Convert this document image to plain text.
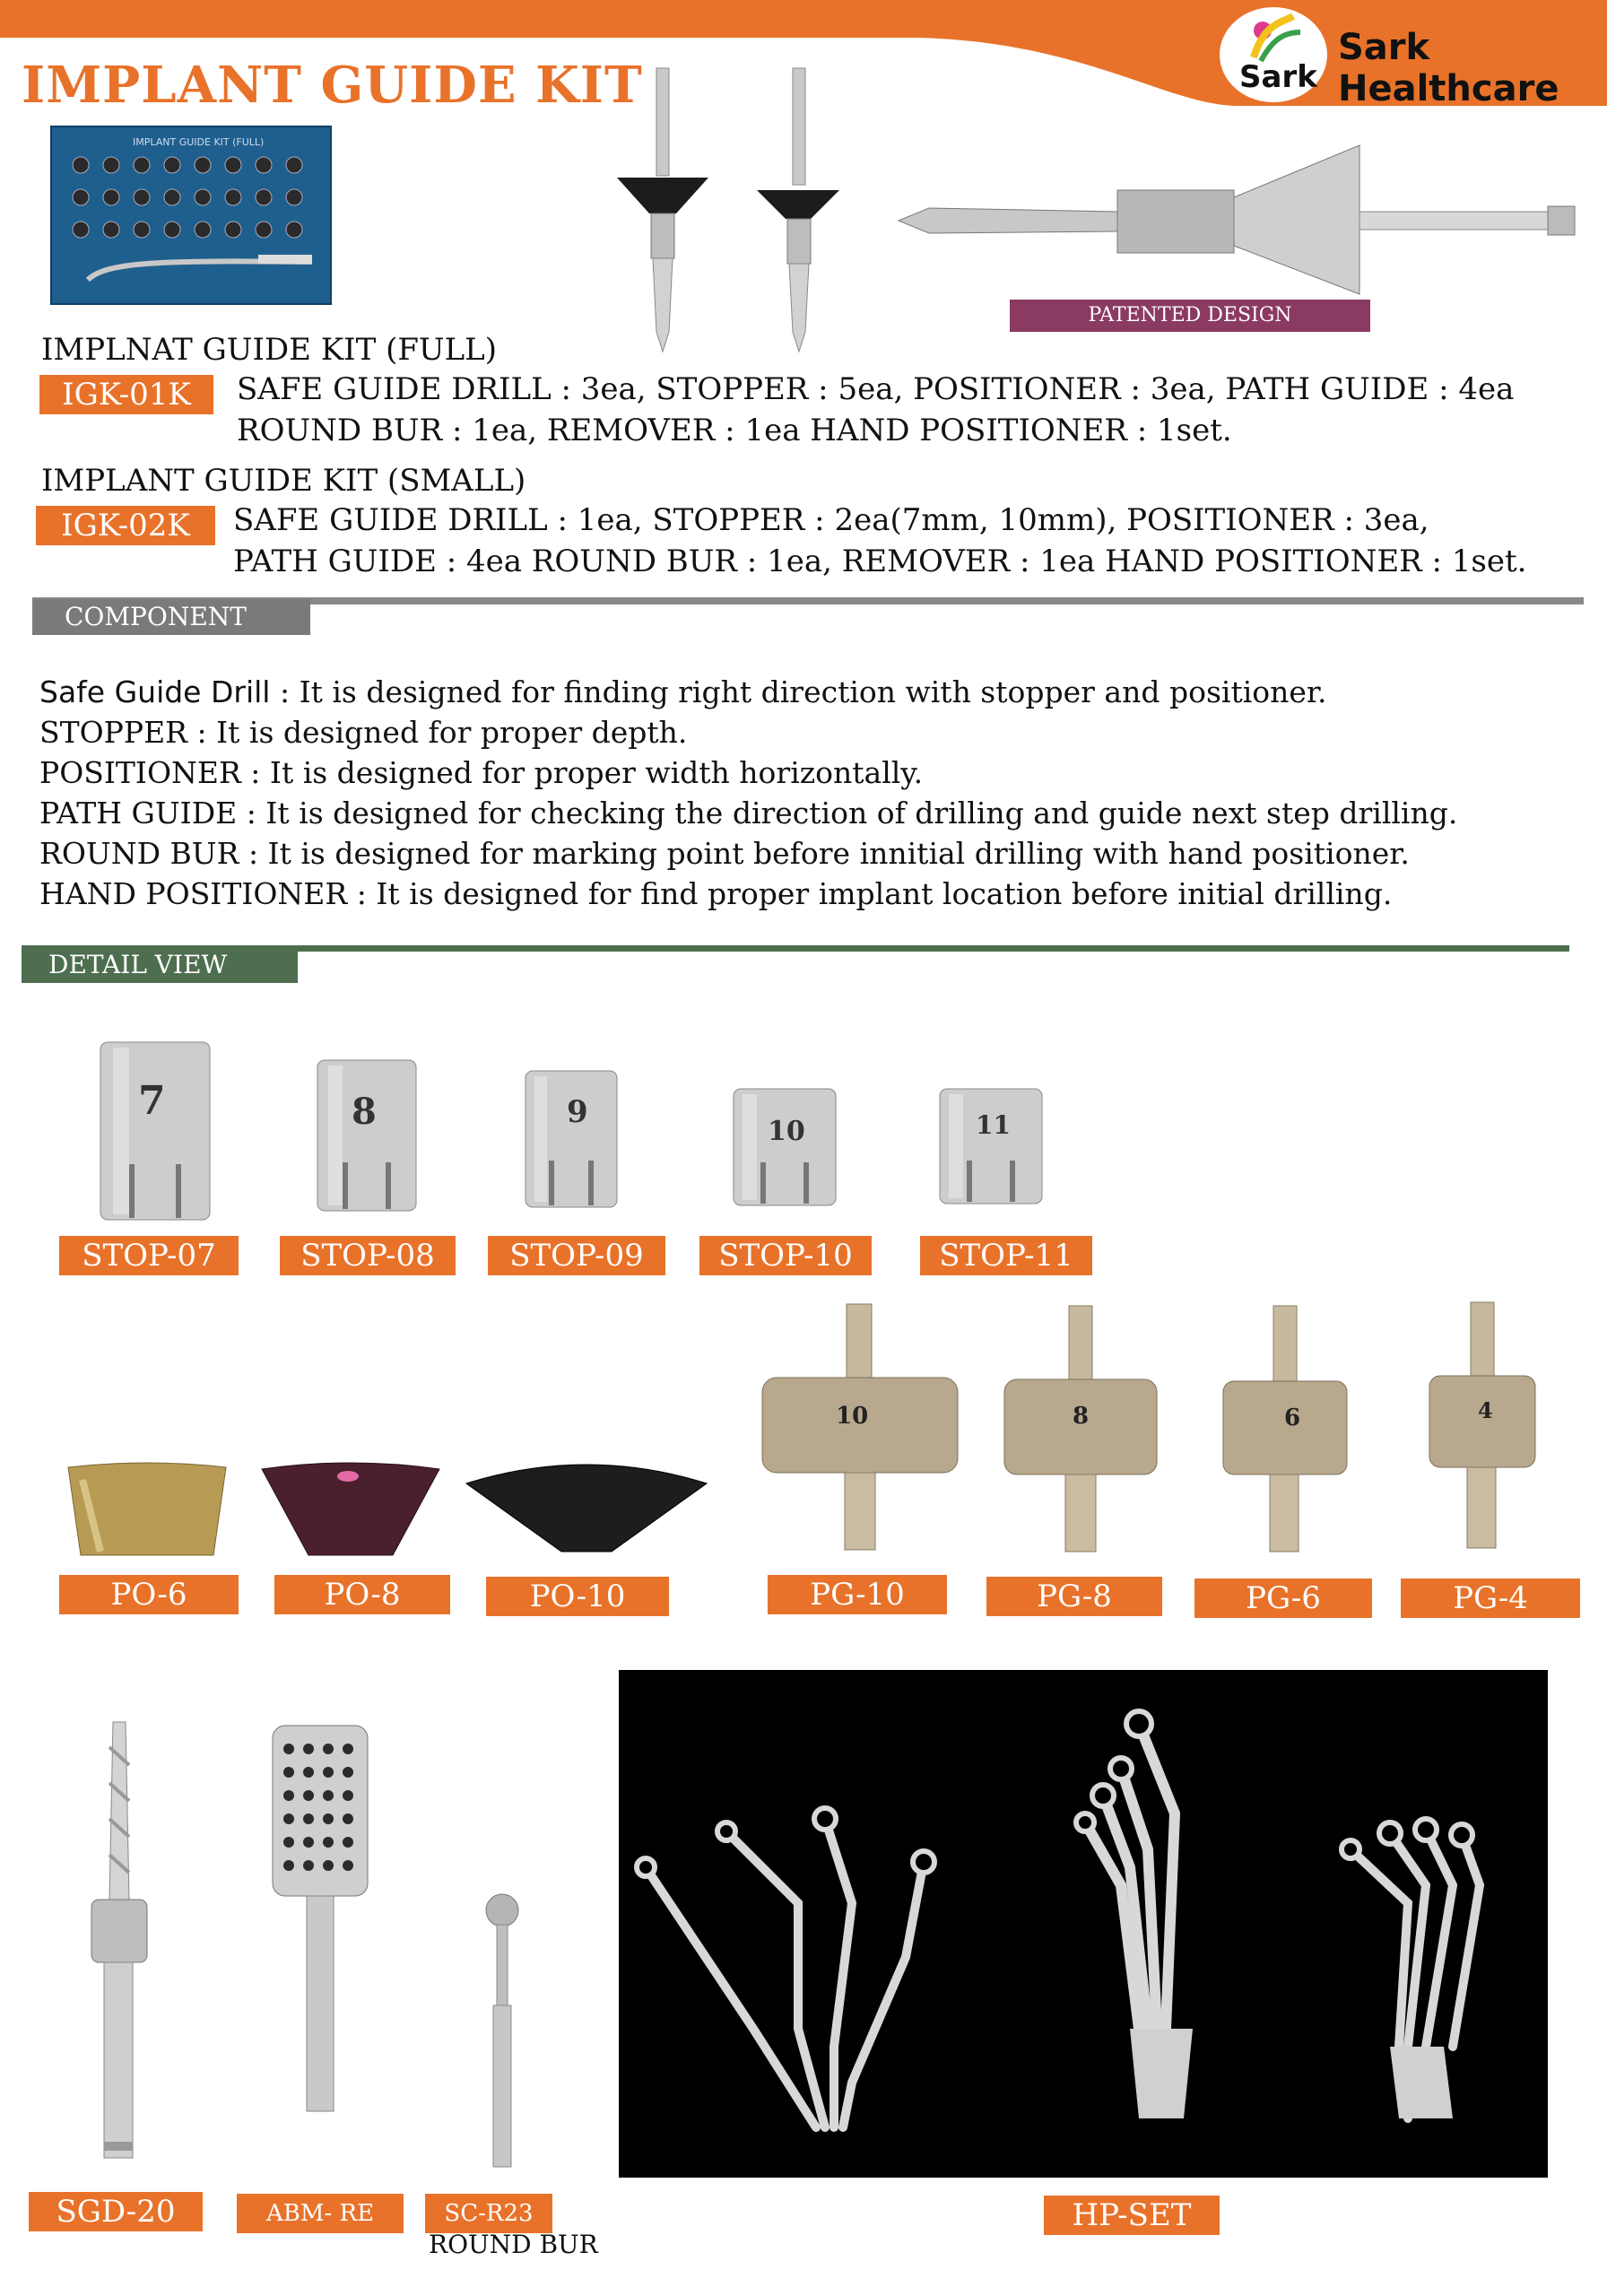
Sark
Sark Healthcare
IMPLANT GUIDE KIT
IMPLANT GUIDE KIT (FULL)
PATENTED DESIGN
IMPLNAT GUIDE KIT (FULL)
IGK-01K	SAFE GUIDE DRILL : 3ea, STOPPER : 5ea, POSITIONER : 3ea, PATH GUIDE : 4ea
ROUND BUR : 1ea, REMOVER : 1ea HAND POSITIONER : 1set.
IMPLANT GUIDE KIT (SMALL)
IGK-02K	SAFE GUIDE DRILL : 1ea, STOPPER : 2ea(7mm, 10mm), POSITIONER : 3ea,
PATH GUIDE : 4ea ROUND BUR : 1ea, REMOVER : 1ea HAND POSITIONER : 1set.
COMPONENT
Safe Guide Drill : It is designed for finding right direction with stopper and positioner.
STOPPER : It is designed for proper depth.
POSITIONER : It is designed for proper width horizontally.
PATH GUIDE : It is designed for checking the direction of drilling and guide next step drilling.
ROUND BUR : It is designed for marking point before innitial drilling with hand positioner.
HAND POSITIONER : It is designed for find proper implant location before initial drilling.
DETAIL VIEW
7	8	9
10	11
STOP-07	STOP-08	STOP-09	STOP-10	STOP-11
PO-6	PO-8	PO-10
10	8	6	4
PG-10	PG-8	PG-6	PG-4
SGD-20	ABM- RE	SC-R23
ROUND BUR
HP-SET
